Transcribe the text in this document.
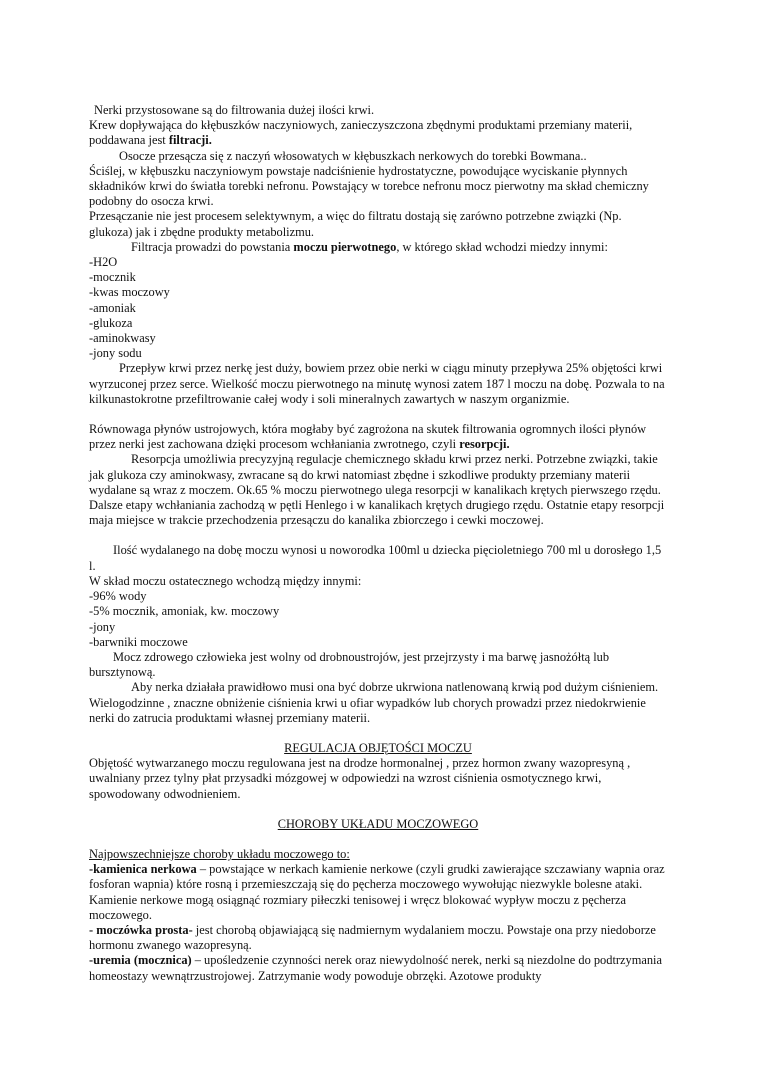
Nerki przystosowane są do filtrowania dużej ilości krwi.

Krew dopływająca do kłębuszków naczyniowych, zanieczyszczona zbędnymi produktami przemiany materii, poddawana jest filtracji.

Osocze przesącza się z naczyń włosowatych w kłębuszkach nerkowych do torebki Bowmana..

Ściślej, w kłębuszku naczyniowym powstaje nadciśnienie hydrostatyczne, powodujące wyciskanie płynnych składników krwi do światła torebki nefronu. Powstający w torebce nefronu mocz pierwotny ma skład chemiczny podobny do osocza krwi.

Przesączanie nie jest procesem selektywnym, a więc do filtratu dostają się zarówno potrzebne związki (Np. glukoza) jak i zbędne produkty metabolizmu.

Filtracja prowadzi do powstania moczu pierwotnego, w którego skład wchodzi miedzy innymi:

-H2O

-mocznik

-kwas moczowy

-amoniak

-glukoza

-aminokwasy

-jony sodu

Przepływ krwi przez nerkę jest duży, bowiem przez obie nerki w ciągu minuty przepływa 25% objętości krwi wyrzuconej przez serce. Wielkość moczu pierwotnego na minutę wynosi zatem 187 l moczu na dobę. Pozwala to na kilkunastokrotne przefiltrowanie całej wody i soli mineralnych zawartych w naszym organizmie.

Równowaga płynów ustrojowych, która mogłaby być zagrożona na skutek filtrowania ogromnych ilości płynów przez nerki jest zachowana dzięki procesom wchłaniania zwrotnego, czyli resorpcji.

Resorpcja umożliwia precyzyjną regulacje chemicznego składu krwi przez nerki. Potrzebne związki, takie jak glukoza czy aminokwasy, zwracane są do krwi natomiast zbędne i szkodliwe produkty przemiany materii wydalane są wraz z moczem. Ok.65 % moczu pierwotnego ulega resorpcji w kanalikach krętych pierwszego rzędu. Dalsze etapy wchłaniania zachodzą w pętli Henlego i w kanalikach krętych drugiego rzędu. Ostatnie etapy resorpcji maja miejsce w trakcie przechodzenia przesączu do kanalika zbiorczego i cewki moczowej.

Ilość wydalanego na dobę moczu wynosi u noworodka 100ml u dziecka pięcioletniego 700 ml u dorosłego 1,5 l.

W skład moczu ostatecznego wchodzą między innymi:

-96% wody

-5% mocznik, amoniak, kw. moczowy

-jony

-barwniki moczowe

Mocz zdrowego człowieka jest wolny od drobnoustrojów, jest przejrzysty i ma barwę jasnożółtą lub bursztynową.

Aby nerka działała prawidłowo musi ona być dobrze ukrwiona natlenowaną krwią pod dużym ciśnieniem. Wielogodzinne , znaczne obniżenie ciśnienia krwi u ofiar wypadków lub chorych prowadzi przez niedokrwienie nerki do zatrucia produktami własnej przemiany materii.

REGULACJA OBJĘTOŚCI MOCZU

Objętość wytwarzanego moczu regulowana jest na drodze hormonalnej , przez hormon zwany wazopresyną , uwalniany przez tylny płat przysadki mózgowej w odpowiedzi na wzrost ciśnienia osmotycznego krwi, spowodowany odwodnieniem.

CHOROBY UKŁADU MOCZOWEGO

Najpowszechniejsze choroby układu moczowego to:

-kamienica nerkowa – powstające w nerkach kamienie nerkowe (czyli grudki zawierające szczawiany wapnia oraz fosforan wapnia) które rosną i przemieszczają się do pęcherza moczowego wywołując niezwykle bolesne ataki. Kamienie nerkowe mogą osiągnąć rozmiary piłeczki tenisowej i wręcz blokować wypływ moczu z pęcherza moczowego.

- moczówka prosta- jest chorobą objawiającą się nadmiernym wydalaniem moczu. Powstaje ona przy niedoborze hormonu zwanego wazopresyną.

-uremia (mocznica) – upośledzenie czynności nerek oraz niewydolność nerek, nerki są niezdolne do podtrzymania homeostazy wewnątrzustrojowej. Zatrzymanie wody powoduje obrzęki. Azotowe produkty
